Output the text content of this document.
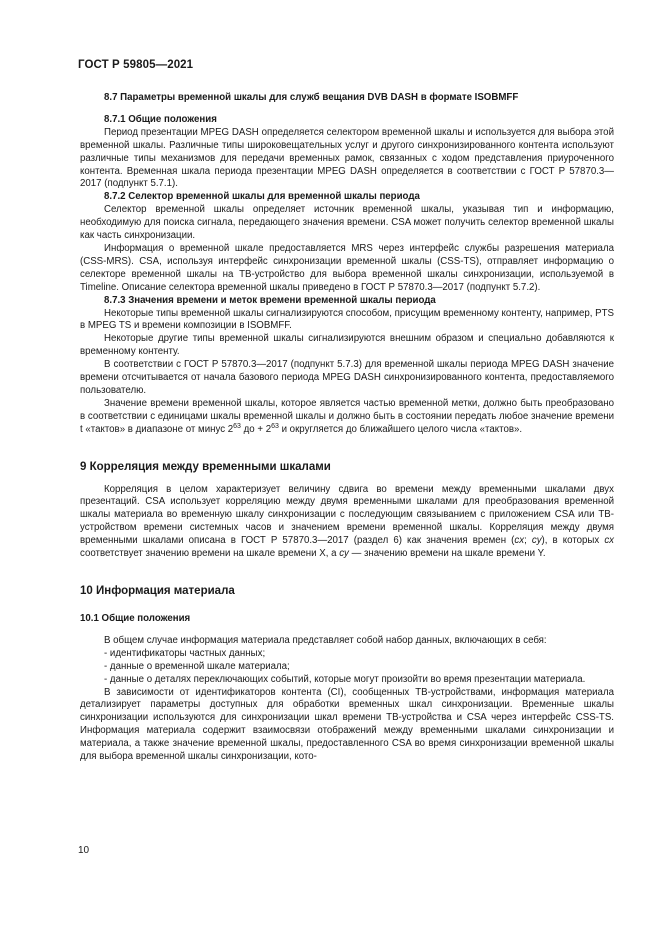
ГОСТ Р 59805—2021
8.7 Параметры временной шкалы для служб вещания DVB DASH в формате ISOBMFF
8.7.1 Общие положения

Период презентации MPEG DASH определяется селектором временной шкалы и используется для выбора этой временной шкалы. Различные типы широковещательных услуг и другого синхронизированного контента используют различные типы механизмов для передачи временных рамок, связанных с ходом представления приуроченного контента. Временная шкала периода презентации MPEG DASH определяется в соответствии с ГОСТ Р 57870.3—2017 (подпункт 5.7.1).

8.7.2 Селектор временной шкалы для временной шкалы периода

Селектор временной шкалы определяет источник временной шкалы, указывая тип и информацию, необходимую для поиска сигнала, передающего значения времени. CSA может получить селектор временной шкалы как часть синхронизации.

Информация о временной шкале предоставляется MRS через интерфейс службы разрешения материала (CSS-MRS). CSA, используя интерфейс синхронизации временной шкалы (CSS-TS), отправляет информацию о селекторе временной шкалы на ТВ-устройство для выбора временной шкалы синхронизации, используемой в Timeline. Описание селектора временной шкалы приведено в ГОСТ Р 57870.3—2017 (подпункт 5.7.2).

8.7.3 Значения времени и меток времени временной шкалы периода

Некоторые типы временной шкалы сигнализируются способом, присущим временному контенту, например, PTS в MPEG TS и времени композиции в ISOBMFF.

Некоторые другие типы временной шкалы сигнализируются внешним образом и специально добавляются к временному контенту.

В соответствии с ГОСТ Р 57870.3—2017 (подпункт 5.7.3) для временной шкалы периода MPEG DASH значение времени отсчитывается от начала базового периода MPEG DASH синхронизированного контента, предоставляемого пользователю.

Значение времени временной шкалы, которое является частью временной метки, должно быть преобразовано в соответствии с единицами шкалы временной шкалы и должно быть в состоянии передать любое значение времени t «тактов» в диапазоне от минус $2^{63}$ до + $2^{63}$ и округляется до ближайшего целого числа «тактов».

9 Корреляция между временными шкалами

Корреляция в целом характеризует величину сдвига во времени между временными шкалами двух презентаций. CSA использует корреляцию между двумя временными шкалами для преобразования временной шкалы материала во временную шкалу синхронизации с последующим связыванием с приложением CSA или ТВ-устройством времени системных часов и значением времени временной шкалы. Корреляция между двумя временными шкалами описана в ГОСТ Р 57870.3—2017 (раздел 6) как значения времен (cx; cy), в которых cx соответствует значению времени на шкале времени X, а cy — значению времени на шкале времени Y.

10 Информация материала
10.1 Общие положения

В общем случае информация материала представляет собой набор данных, включающих в себя:

- идентификаторы частных данных;

- данные о временной шкале материала;

- данные о деталях переключающих событий, которые могут произойти во время презентации материала.

В зависимости от идентификаторов контента (CI), сообщенных ТВ-устройствами, информация материала детализирует параметры доступных для обработки временных шкал синхронизации. Временные шкалы синхронизации используются для синхронизации шкал времени ТВ-устройства и CSA через интерфейс CSS-TS. Информация материала содержит взаимосвязи отображений между временными шкалами синхронизации и материала, а также значение временной шкалы, предоставленного CSA во время синхронизации временной шкалы для выбора временной шкалы синхронизации, кото-

10
